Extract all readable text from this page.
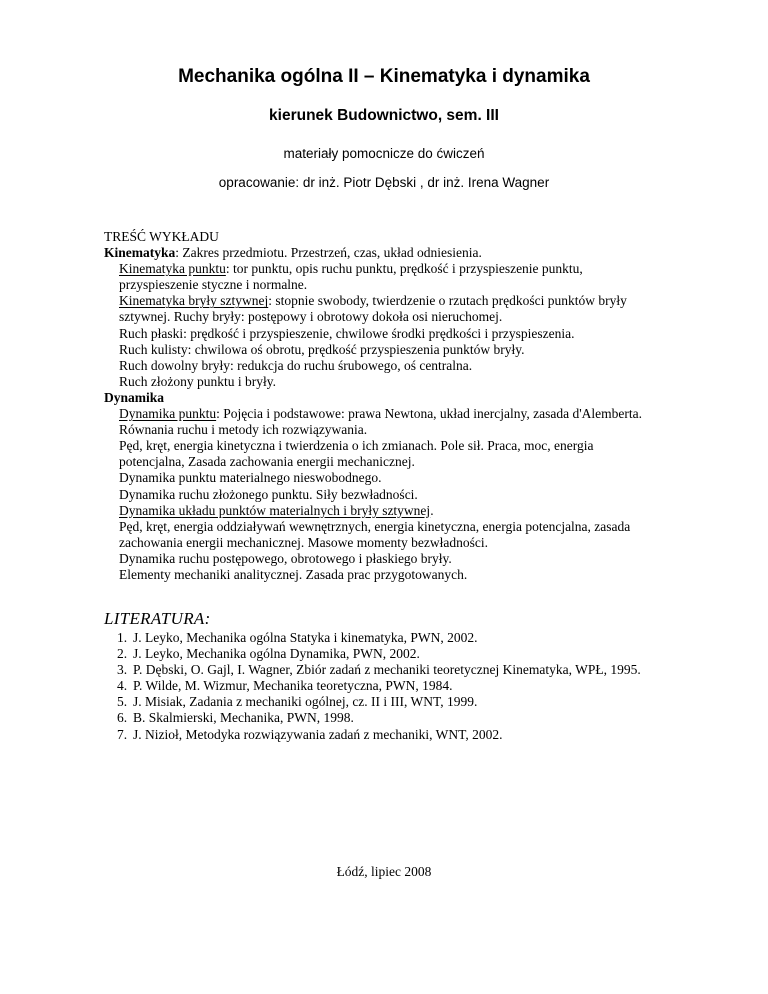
Mechanika ogólna II – Kinematyka i dynamika
kierunek Budownictwo, sem. III
materiały pomocnicze do ćwiczeń
opracowanie: dr inż. Piotr Dębski , dr inż. Irena Wagner
TREŚĆ WYKŁADU
Kinematyka: Zakres przedmiotu. Przestrzeń, czas, układ odniesienia.
Kinematyka punktu: tor punktu, opis ruchu punktu, prędkość i przyspieszenie punktu,
przyspieszenie styczne i normalne.
Kinematyka bryły sztywnej: stopnie swobody, twierdzenie o rzutach prędkości punktów bryły
sztywnej. Ruchy bryły: postępowy i obrotowy dokoła osi nieruchomej.
Ruch płaski: prędkość i przyspieszenie, chwilowe środki prędkości i przyspieszenia.
Ruch kulisty: chwilowa oś obrotu, prędkość przyspieszenia punktów bryły.
Ruch dowolny bryły: redukcja do ruchu śrubowego, oś centralna.
Ruch złożony punktu i bryły.
Dynamika
Dynamika punktu: Pojęcia i podstawowe: prawa Newtona, układ inercjalny, zasada d'Alemberta.
Równania ruchu i metody ich rozwiązywania.
Pęd, kręt, energia kinetyczna i twierdzenia o ich zmianach. Pole sił. Praca, moc, energia
potencjalna, Zasada zachowania energii mechanicznej.
Dynamika punktu materialnego nieswobodnego.
Dynamika ruchu złożonego punktu. Siły bezwładności.
Dynamika układu punktów materialnych i bryły sztywnej.
Pęd, kręt, energia oddziaływań wewnętrznych, energia kinetyczna, energia potencjalna, zasada
zachowania energii mechanicznej. Masowe momenty bezwładności.
Dynamika ruchu postępowego, obrotowego i płaskiego bryły.
Elementy mechaniki analitycznej. Zasada prac przygotowanych.
LITERATURA:
1. J. Leyko, Mechanika ogólna Statyka i kinematyka, PWN, 2002.
2. J. Leyko, Mechanika ogólna Dynamika, PWN, 2002.
3. P. Dębski, O. Gajl, I. Wagner, Zbiór zadań z mechaniki teoretycznej Kinematyka, WPŁ, 1995.
4. P. Wilde, M. Wizmur, Mechanika teoretyczna, PWN, 1984.
5. J. Misiak, Zadania z mechaniki ogólnej, cz. II i III, WNT, 1999.
6. B. Skalmierski, Mechanika, PWN, 1998.
7. J. Nizioł, Metodyka rozwiązywania zadań z mechaniki, WNT, 2002.
Łódź, lipiec 2008
